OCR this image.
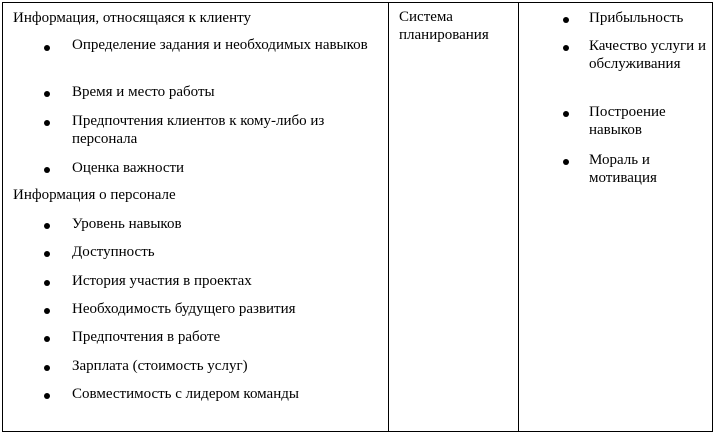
Информация, относящаяся к клиенту
Определение задания и необходимых навыков
Время и место работы
Предпочтения клиентов к кому-либо из персонала
Оценка важности
Информация о персонале
Уровень навыков
Доступность
История участия в проектах
Необходимость будущего развития
Предпочтения в работе
Зарплата (стоимость услуг)
Совместимость с лидером команды
Система планирования
Прибыльность
Качество услуги и обслуживания
Построение навыков
Мораль и мотивация
